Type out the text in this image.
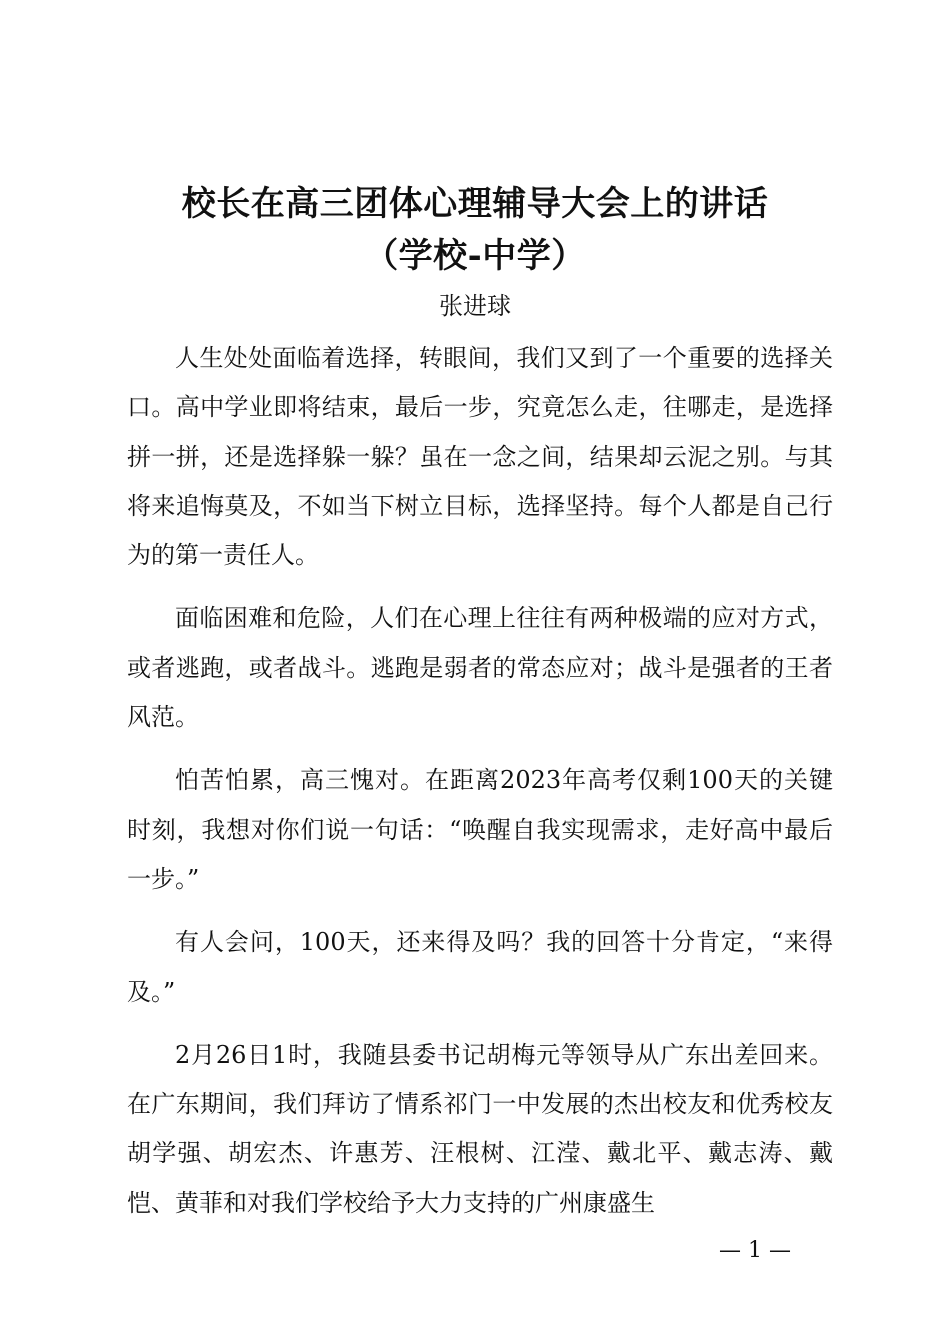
校长在高三团体心理辅导大会上的讲话

（学校-中学）

张进球

人生处处面临着选择，转眼间，我们又到了一个重要的选择关口。高中学业即将结束，最后一步，究竟怎么走，往哪走，是选择拼一拼，还是选择躲一躲？虽在一念之间，结果却云泥之别。与其将来追悔莫及，不如当下树立目标，选择坚持。每个人都是自己行为的第一责任人。

面临困难和危险，人们在心理上往往有两种极端的应对方式，或者逃跑，或者战斗。逃跑是弱者的常态应对；战斗是强者的王者风范。

怕苦怕累，高三愧对。在距离2023年高考仅剩100天的关键时刻，我想对你们说一句话：“唤醒自我实现需求，走好高中最后一步。”

有人会问，100天，还来得及吗？我的回答十分肯定，“来得及。”

2月26日1时，我随县委书记胡梅元等领导从广东出差回来。在广东期间，我们拜访了情系祁门一中发展的杰出校友和优秀校友胡学强、胡宏杰、许惠芳、汪根树、江滢、戴北平、戴志涛、戴恺、黄菲和对我们学校给予大力支持的广州康盛生

— 1 —
